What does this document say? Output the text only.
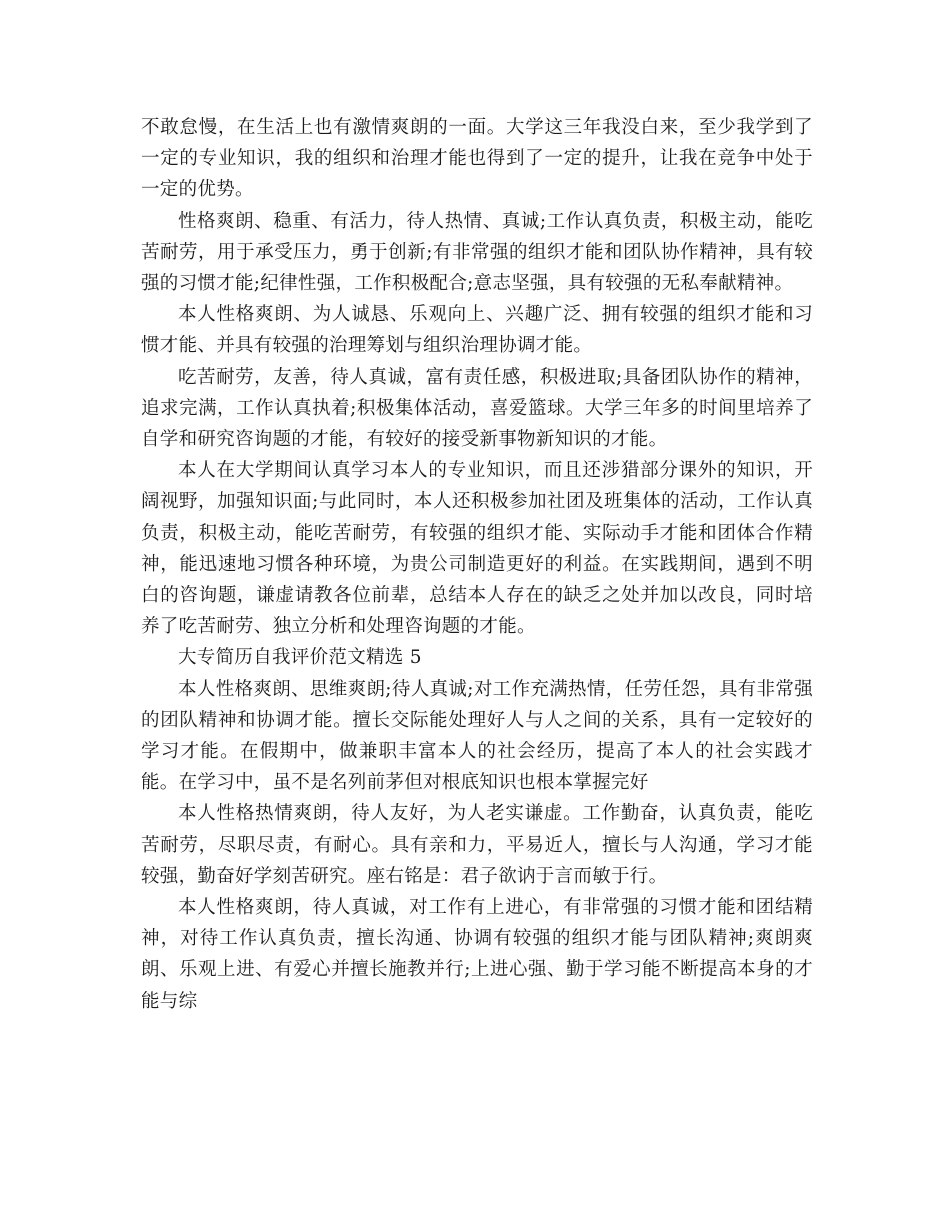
不敢怠慢，在生活上也有激情爽朗的一面。大学这三年我没白来，至少我学到了一定的专业知识，我的组织和治理才能也得到了一定的提升，让我在竞争中处于一定的优势。

性格爽朗、稳重、有活力，待人热情、真诚;工作认真负责，积极主动，能吃苦耐劳，用于承受压力，勇于创新;有非常强的组织才能和团队协作精神，具有较强的习惯才能;纪律性强，工作积极配合;意志坚强，具有较强的无私奉献精神。

本人性格爽朗、为人诚恳、乐观向上、兴趣广泛、拥有较强的组织才能和习惯才能、并具有较强的治理筹划与组织治理协调才能。

吃苦耐劳，友善，待人真诚，富有责任感，积极进取;具备团队协作的精神，追求完满，工作认真执着;积极集体活动，喜爱篮球。大学三年多的时间里培养了自学和研究咨询题的才能，有较好的接受新事物新知识的才能。

本人在大学期间认真学习本人的专业知识，而且还涉猎部分课外的知识，开阔视野，加强知识面;与此同时，本人还积极参加社团及班集体的活动，工作认真负责，积极主动，能吃苦耐劳，有较强的组织才能、实际动手才能和团体合作精神，能迅速地习惯各种环境，为贵公司制造更好的利益。在实践期间，遇到不明白的咨询题，谦虚请教各位前辈，总结本人存在的缺乏之处并加以改良，同时培养了吃苦耐劳、独立分析和处理咨询题的才能。

大专简历自我评价范文精选 5

本人性格爽朗、思维爽朗;待人真诚;对工作充满热情，任劳任怨，具有非常强的团队精神和协调才能。擅长交际能处理好人与人之间的关系，具有一定较好的学习才能。在假期中，做兼职丰富本人的社会经历，提高了本人的社会实践才能。在学习中，虽不是名列前茅但对根底知识也根本掌握完好

本人性格热情爽朗，待人友好，为人老实谦虚。工作勤奋，认真负责，能吃苦耐劳，尽职尽责，有耐心。具有亲和力，平易近人，擅长与人沟通，学习才能较强，勤奋好学刻苦研究。座右铭是：君子欲讷于言而敏于行。

本人性格爽朗，待人真诚，对工作有上进心，有非常强的习惯才能和团结精神，对待工作认真负责，擅长沟通、协调有较强的组织才能与团队精神;爽朗爽朗、乐观上进、有爱心并擅长施教并行;上进心强、勤于学习能不断提高本身的才能与综
